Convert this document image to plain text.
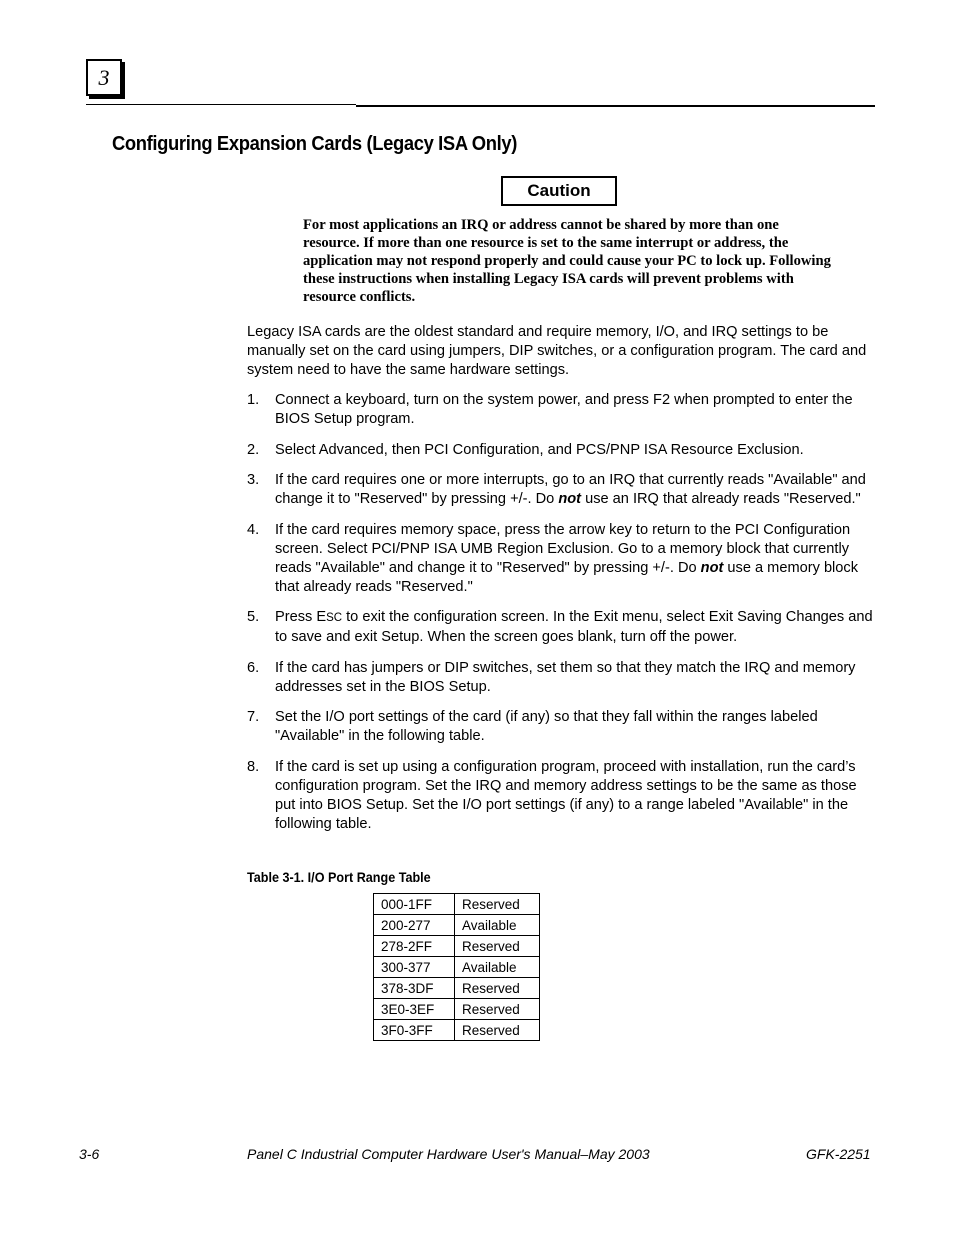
3
Configuring Expansion Cards (Legacy ISA Only)
Caution
For most applications an IRQ or address cannot be shared by more than one resource. If more than one resource is set to the same interrupt or address, the application may not respond properly and could cause your PC to lock up. Following these instructions when installing Legacy ISA cards will prevent problems with resource conflicts.
Legacy ISA cards are the oldest standard and require memory, I/O, and IRQ settings to be manually set on the card using jumpers, DIP switches, or a configuration program. The card and system need to have the same hardware settings.
1. Connect a keyboard, turn on the system power, and press F2 when prompted to enter the BIOS Setup program.
2. Select Advanced, then PCI Configuration, and PCS/PNP ISA Resource Exclusion.
3. If the card requires one or more interrupts, go to an IRQ that currently reads "Available" and change it to "Reserved" by pressing +/-. Do not use an IRQ that already reads "Reserved."
4. If the card requires memory space, press the arrow key to return to the PCI Configuration screen. Select PCI/PNP ISA UMB Region Exclusion. Go to a memory block that currently reads "Available" and change it to "Reserved" by pressing +/-. Do not use a memory block that already reads "Reserved."
5. Press ESC to exit the configuration screen. In the Exit menu, select Exit Saving Changes and to save and exit Setup. When the screen goes blank, turn off the power.
6. If the card has jumpers or DIP switches, set them so that they match the IRQ and memory addresses set in the BIOS Setup.
7. Set the I/O port settings of the card (if any) so that they fall within the ranges labeled "Available" in the following table.
8. If the card is set up using a configuration program, proceed with installation, run the card’s configuration program. Set the IRQ and memory address settings to be the same as those put into BIOS Setup. Set the I/O port settings (if any) to a range labeled "Available" in the following table.
Table 3-1. I/O Port Range Table
000-1FF	Reserved
200-277	Available
278-2FF	Reserved
300-377	Available
378-3DF	Reserved
3E0-3EF	Reserved
3F0-3FF	Reserved
3-6	Panel C Industrial Computer Hardware User's Manual–May 2003	GFK-2251
